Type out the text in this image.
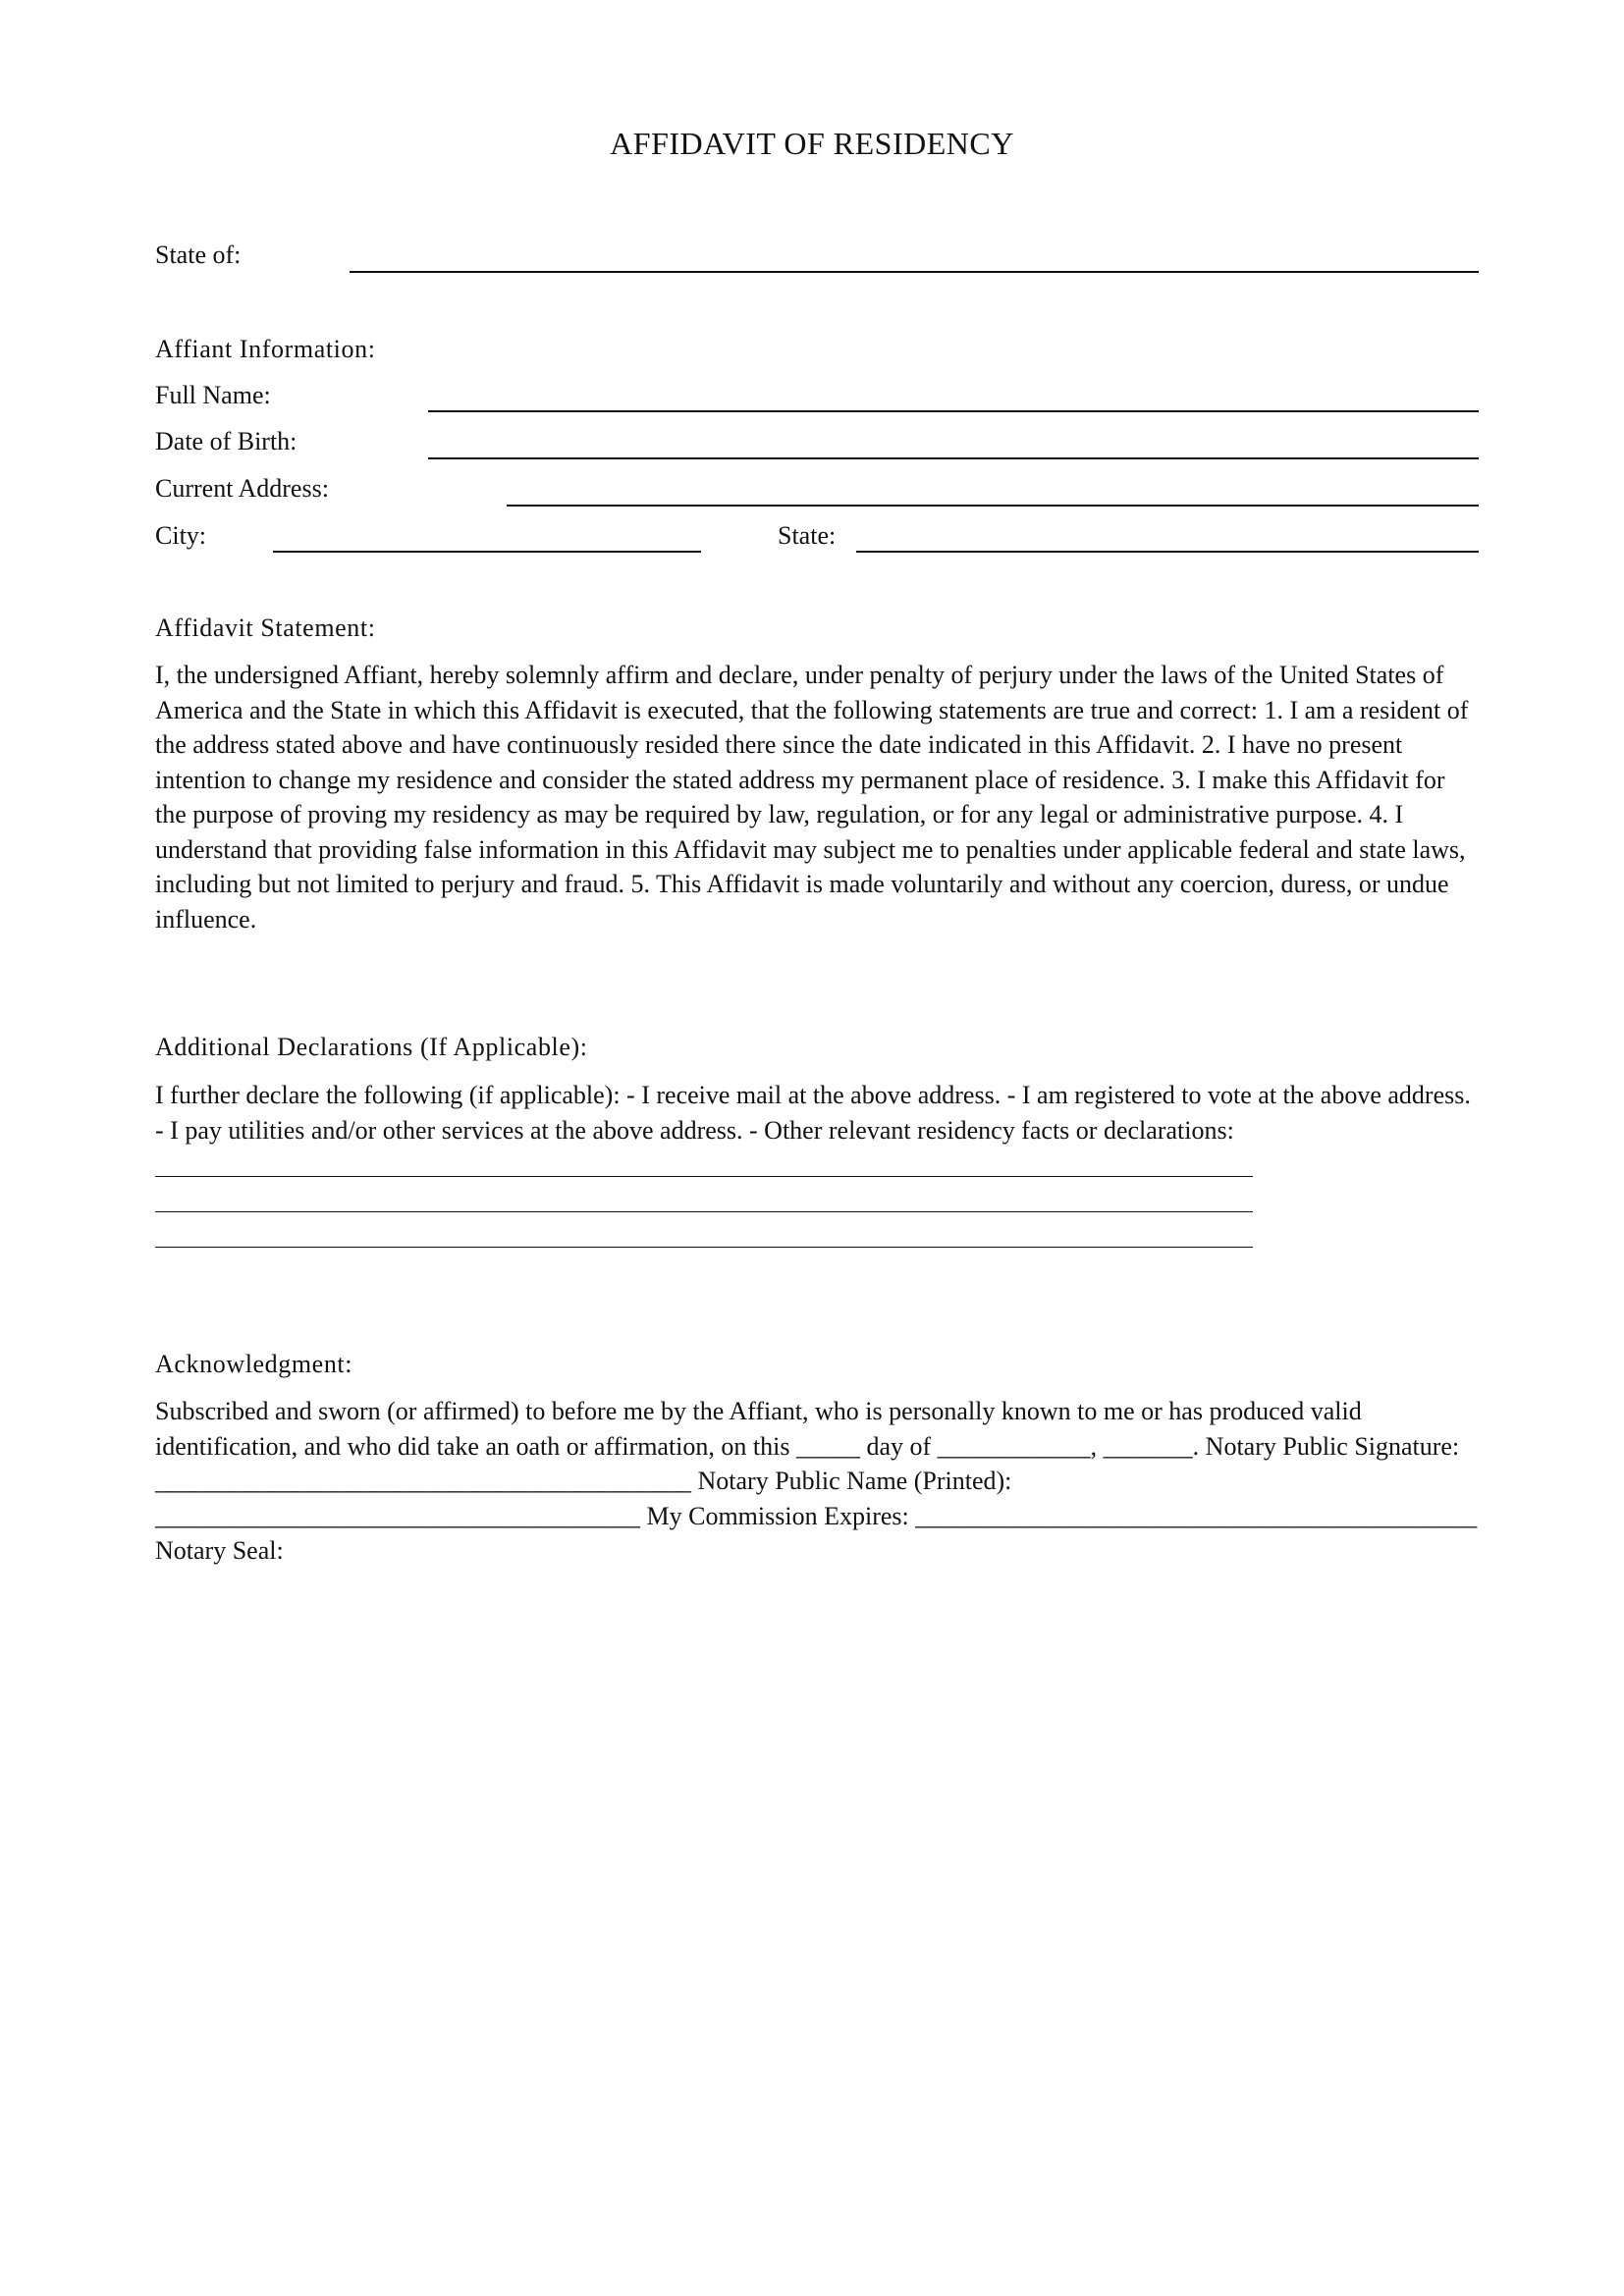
AFFIDAVIT OF RESIDENCY
State of:
Affiant Information:
Full Name:
Date of Birth:
Current Address:
City:	State:
Affidavit Statement:

I, the undersigned Affiant, hereby solemnly affirm and declare, under penalty of perjury under the laws of the United States of America and the State in which this Affidavit is executed, that the following statements are true and correct: 1. I am a resident of the address stated above and have continuously resided there since the date indicated in this Affidavit. 2. I have no present intention to change my residence and consider the stated address my permanent place of residence. 3. I make this Affidavit for the purpose of proving my residency as may be required by law, regulation, or for any legal or administrative purpose. 4. I understand that providing false information in this Affidavit may subject me to penalties under applicable federal and state laws, including but not limited to perjury and fraud. 5. This Affidavit is made voluntarily and without any coercion, duress, or undue influence.

Additional Declarations (If Applicable):

I further declare the following (if applicable): - I receive mail at the above address. - I am registered to vote at the above address. - I pay utilities and/or other services at the above address. - Other relevant residency facts or declarations:

Acknowledgment:

Subscribed and sworn (or affirmed) to before me by the Affiant, who is personally known to me or has produced valid identification, and who did take an oath or affirmation, on this _____ day of ____________, _______. Notary Public Signature: __________________________________________ Notary Public Name (Printed): ______________________________________ My Commission Expires: ____________________________________________ Notary Seal:
